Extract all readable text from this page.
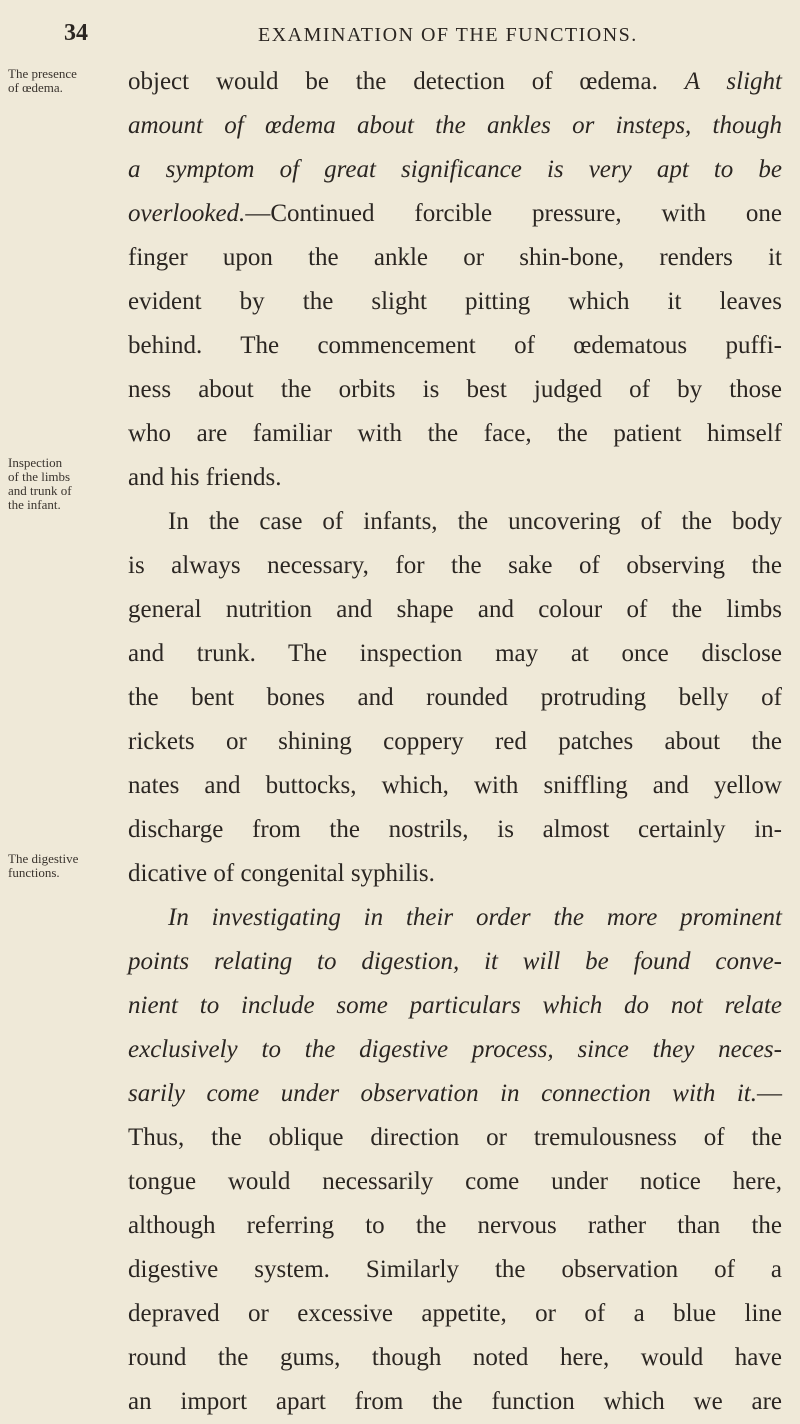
34	EXAMINATION OF THE FUNCTIONS.
The presence
of œdema.
Inspection
of the limbs
and trunk of
the infant.
The digestive
functions.
object would be the detection of œdema. A slight
amount of œdema about the ankles or insteps, though
a symptom of great significance is very apt to be
overlooked.—Continued forcible pressure, with one
finger upon the ankle or shin-bone, renders it
evident by the slight pitting which it leaves
behind. The commencement of œdematous puffi-
ness about the orbits is best judged of by those
who are familiar with the face, the patient himself
and his friends.
In the case of infants, the uncovering of the body
is always necessary, for the sake of observing the
general nutrition and shape and colour of the limbs
and trunk. The inspection may at once disclose
the bent bones and rounded protruding belly of
rickets or shining coppery red patches about the
nates and buttocks, which, with sniffling and yellow
discharge from the nostrils, is almost certainly in-
dicative of congenital syphilis.
In investigating in their order the more prominent
points relating to digestion, it will be found conve-
nient to include some particulars which do not relate
exclusively to the digestive process, since they neces-
sarily come under observation in connection with it.—
Thus, the oblique direction or tremulousness of the
tongue would necessarily come under notice here,
although referring to the nervous rather than the
digestive system. Similarly the observation of a
depraved or excessive appetite, or of a blue line
round the gums, though noted here, would have
an import apart from the function which we are
